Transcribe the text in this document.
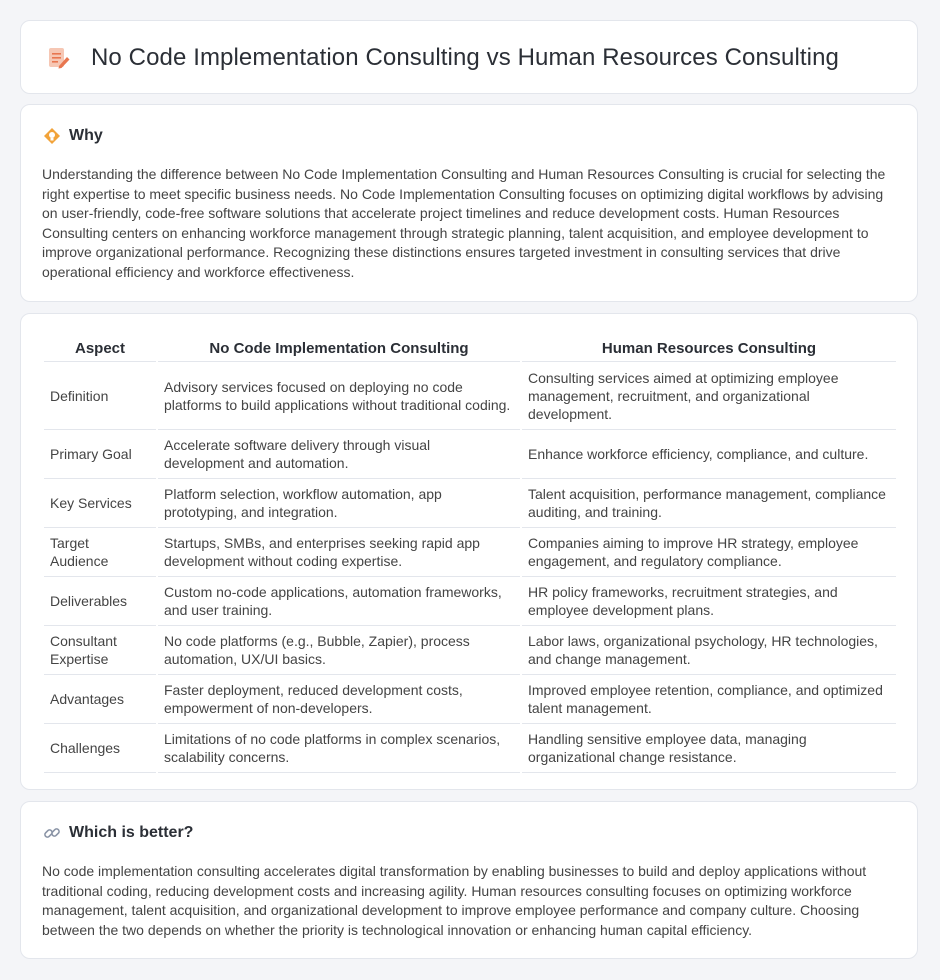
No Code Implementation Consulting vs Human Resources Consulting
Why

Understanding the difference between No Code Implementation Consulting and Human Resources Consulting is crucial for selecting the right expertise to meet specific business needs. No Code Implementation Consulting focuses on optimizing digital workflows by advising on user-friendly, code-free software solutions that accelerate project timelines and reduce development costs. Human Resources Consulting centers on enhancing workforce management through strategic planning, talent acquisition, and employee development to improve organizational performance. Recognizing these distinctions ensures targeted investment in consulting services that drive operational efficiency and workforce effectiveness.

Aspect	No Code Implementation Consulting	Human Resources Consulting
Definition	Advisory services focused on deploying no code platforms to build applications without traditional coding.	Consulting services aimed at optimizing employee management, recruitment, and organizational development.
Primary Goal	Accelerate software delivery through visual development and automation.	Enhance workforce efficiency, compliance, and culture.
Key Services	Platform selection, workflow automation, app prototyping, and integration.	Talent acquisition, performance management, compliance auditing, and training.
Target Audience	Startups, SMBs, and enterprises seeking rapid app development without coding expertise.	Companies aiming to improve HR strategy, employee engagement, and regulatory compliance.
Deliverables	Custom no-code applications, automation frameworks, and user training.	HR policy frameworks, recruitment strategies, and employee development plans.
Consultant Expertise	No code platforms (e.g., Bubble, Zapier), process automation, UX/UI basics.	Labor laws, organizational psychology, HR technologies, and change management.
Advantages	Faster deployment, reduced development costs, empowerment of non-developers.	Improved employee retention, compliance, and optimized talent management.
Challenges	Limitations of no code platforms in complex scenarios, scalability concerns.	Handling sensitive employee data, managing organizational change resistance.
Which is better?

No code implementation consulting accelerates digital transformation by enabling businesses to build and deploy applications without traditional coding, reducing development costs and increasing agility. Human resources consulting focuses on optimizing workforce management, talent acquisition, and organizational development to improve employee performance and company culture. Choosing between the two depends on whether the priority is technological innovation or enhancing human capital efficiency.
